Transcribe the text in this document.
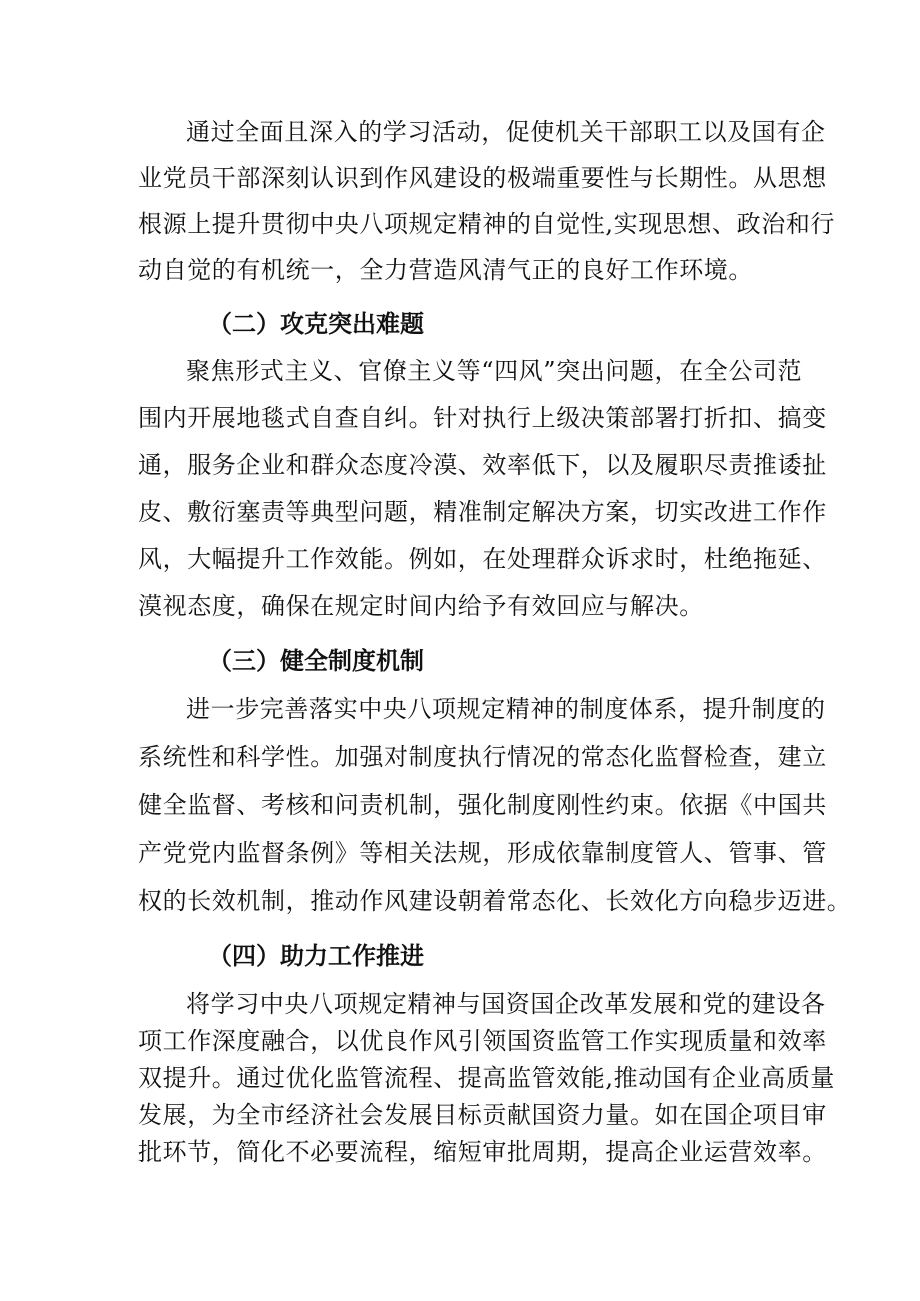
通过全面且深入的学习活动，促使机关干部职工以及国有企
业党员干部深刻认识到作风建设的极端重要性与长期性。从思想
根源上提升贯彻中央八项规定精神的自觉性,实现思想、政治和行
动自觉的有机统一，全力营造风清气正的良好工作环境。
（二）攻克突出难题
聚焦形式主义、官僚主义等“四风”突出问题，在全公司范
围内开展地毯式自查自纠。针对执行上级决策部署打折扣、搞变
通，服务企业和群众态度冷漠、效率低下，以及履职尽责推诿扯
皮、敷衍塞责等典型问题，精准制定解决方案，切实改进工作作
风，大幅提升工作效能。例如，在处理群众诉求时，杜绝拖延、
漠视态度，确保在规定时间内给予有效回应与解决。
（三）健全制度机制
进一步完善落实中央八项规定精神的制度体系，提升制度的
系统性和科学性。加强对制度执行情况的常态化监督检查，建立
健全监督、考核和问责机制，强化制度刚性约束。依据《中国共
产党党内监督条例》等相关法规，形成依靠制度管人、管事、管
权的长效机制，推动作风建设朝着常态化、长效化方向稳步迈进。
（四）助力工作推进
将学习中央八项规定精神与国资国企改革发展和党的建设各
项工作深度融合，以优良作风引领国资监管工作实现质量和效率
双提升。通过优化监管流程、提高监管效能,推动国有企业高质量
发展，为全市经济社会发展目标贡献国资力量。如在国企项目审
批环节，简化不必要流程，缩短审批周期，提高企业运营效率。
